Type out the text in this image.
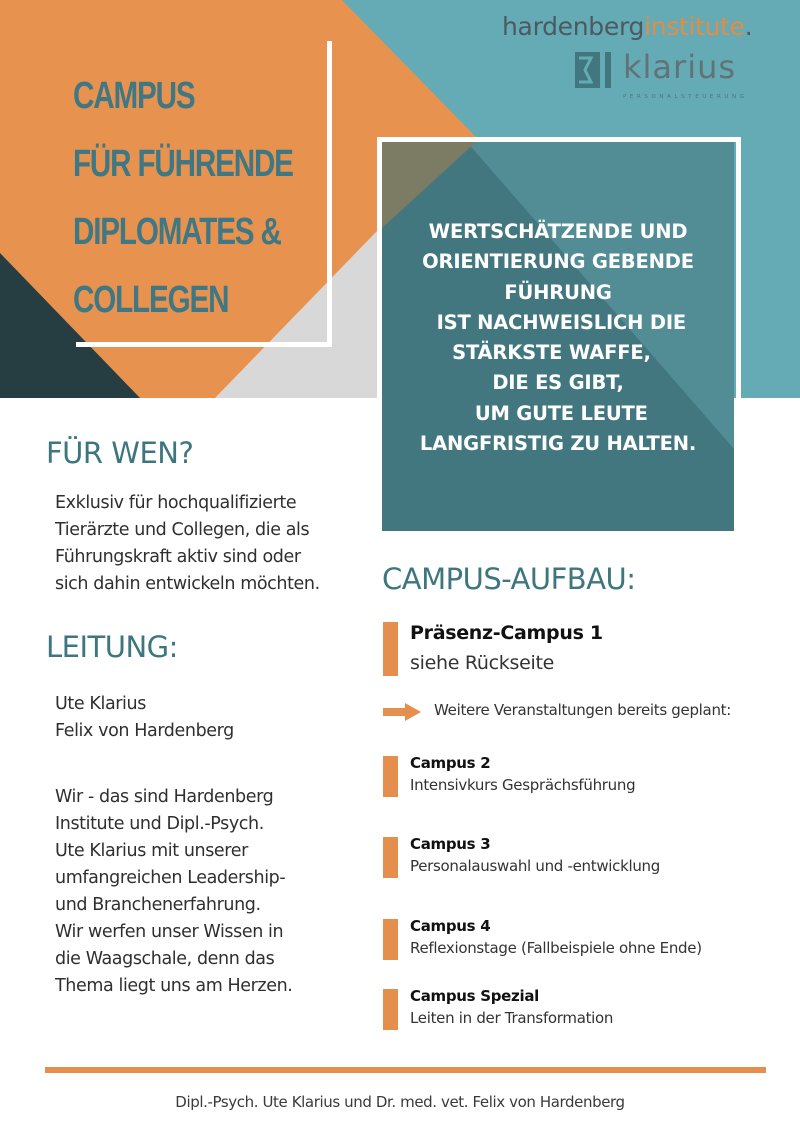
CAMPUS
FÜR FÜHRENDE
DIPLOMATES &
COLLEGEN
hardenberginstitute.
klarius
PERSONALSTEUERUNG
WERTSCHÄTZENDE UND
ORIENTIERUNG GEBENDE
FÜHRUNG
IST NACHWEISLICH DIE
STÄRKSTE WAFFE,
DIE ES GIBT,
UM GUTE LEUTE
LANGFRISTIG ZU HALTEN.
FÜR WEN?
Exklusiv für hochqualifizierte
Tierärzte und Collegen, die als
Führungskraft aktiv sind oder
sich dahin entwickeln möchten.
LEITUNG:
Ute Klarius
Felix von Hardenberg
Wir - das sind Hardenberg
Institute und Dipl.-Psych.
Ute Klarius mit unserer
umfangreichen Leadership-
und Branchenerfahrung.
Wir werfen unser Wissen in
die Waagschale, denn das
Thema liegt uns am Herzen.
CAMPUS-AUFBAU:
Präsenz-Campus 1
siehe Rückseite
Weitere Veranstaltungen bereits geplant:
Campus 2
Intensivkurs Gesprächsführung
Campus 3
Personalauswahl und -entwicklung
Campus 4
Reflexionstage (Fallbeispiele ohne Ende)
Campus Spezial
Leiten in der Transformation
Dipl.-Psych. Ute Klarius und Dr. med. vet. Felix von Hardenberg
